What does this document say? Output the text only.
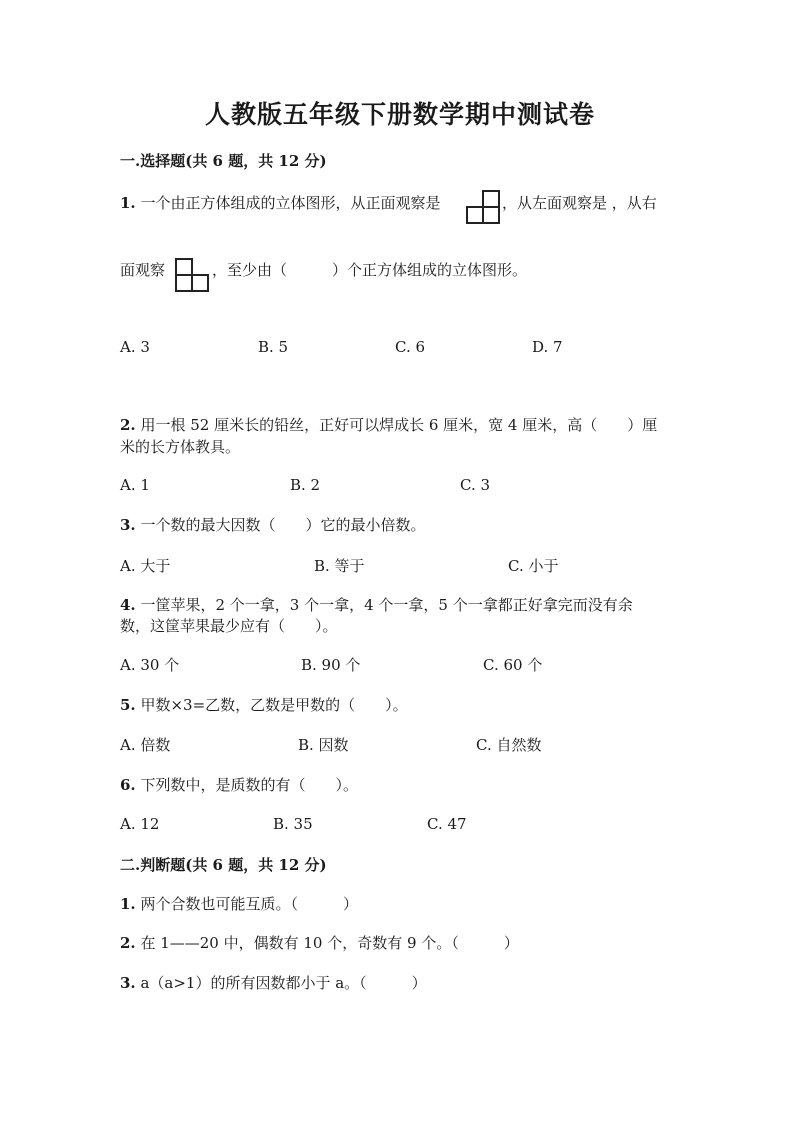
人教版五年级下册数学期中测试卷
一.选择题(共 6 题，共 12 分)
1. 一个由正方体组成的立体图形，从正面观察是	，从左面观察是 ，从右
面观察	，至少由（　　　）个正方体组成的立体图形。
A. 3	B. 5	C. 6	D. 7
2. 用一根 52 厘米长的铅丝，正好可以焊成长 6 厘米，宽 4 厘米，高（　　）厘
米的长方体教具。
A. 1	B. 2	C. 3
3. 一个数的最大因数（　　）它的最小倍数。
A. 大于	B. 等于	C. 小于
4. 一筐苹果，2 个一拿，3 个一拿，4 个一拿，5 个一拿都正好拿完而没有余
数，这筐苹果最少应有（　　）。
A. 30 个	B. 90 个	C. 60 个
5. 甲数×3=乙数，乙数是甲数的（　　）。
A. 倍数	B. 因数	C. 自然数
6. 下列数中，是质数的有（　　）。
A. 12	B. 35	C. 47
二.判断题(共 6 题，共 12 分)
1. 两个合数也可能互质。（　　　）
2. 在 1——20 中，偶数有 10 个，奇数有 9 个。（　　　）
3. a（a>1）的所有因数都小于 a。（　　　）
